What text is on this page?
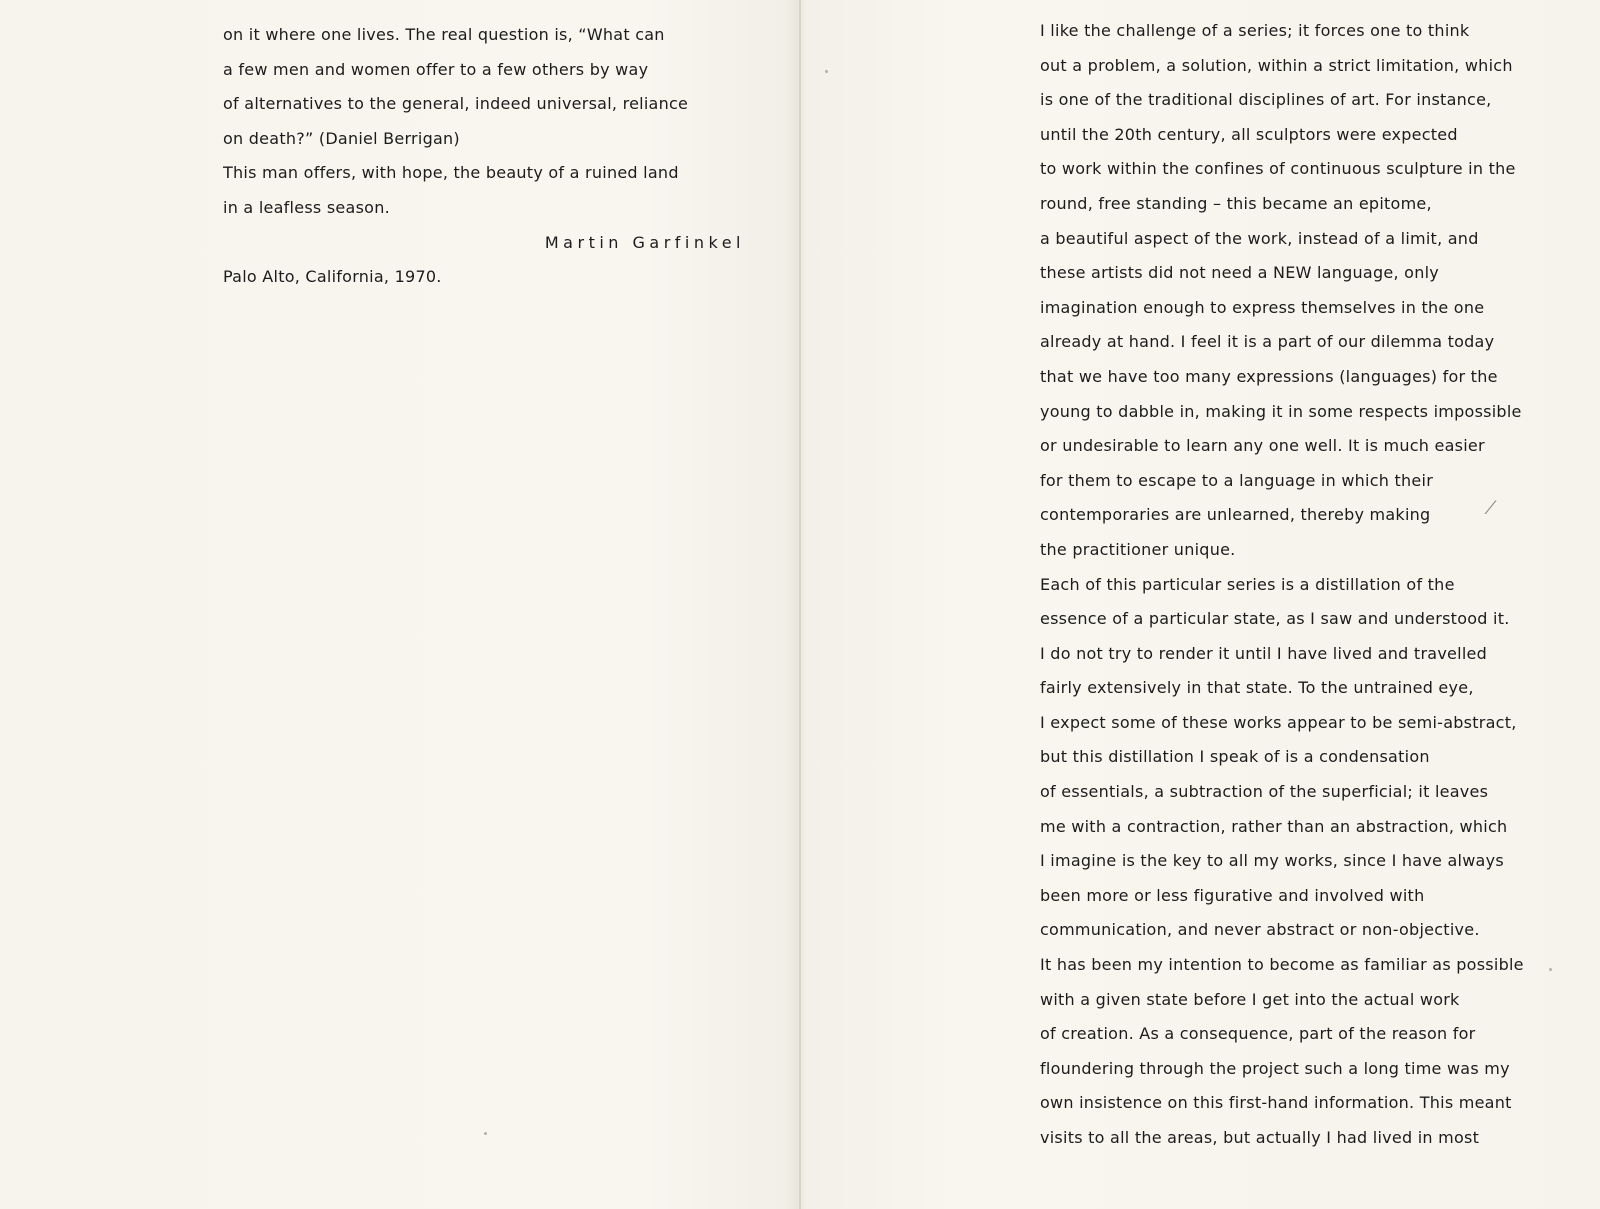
on it where one lives. The real question is, “What can
a few men and women offer to a few others by way
of alternatives to the general, indeed universal, reliance
on death?” (Daniel Berrigan)
This man offers, with hope, the beauty of a ruined land
in a leafless season.
Martin Garfinkel
Palo Alto, California, 1970.
I like the challenge of a series; it forces one to think
out a problem, a solution, within a strict limitation, which
is one of the traditional disciplines of art. For instance,
until the 20th century, all sculptors were expected
to work within the confines of continuous sculpture in the
round, free standing – this became an epitome,
a beautiful aspect of the work, instead of a limit, and
these artists did not need a NEW language, only
imagination enough to express themselves in the one
already at hand. I feel it is a part of our dilemma today
that we have too many expressions (languages) for the
young to dabble in, making it in some respects impossible
or undesirable to learn any one well. It is much easier
for them to escape to a language in which their
contemporaries are unlearned, thereby making
the practitioner unique.
Each of this particular series is a distillation of the
essence of a particular state, as I saw and understood it.
I do not try to render it until I have lived and travelled
fairly extensively in that state. To the untrained eye,
I expect some of these works appear to be semi-abstract,
but this distillation I speak of is a condensation
of essentials, a subtraction of the superficial; it leaves
me with a contraction, rather than an abstraction, which
I imagine is the key to all my works, since I have always
been more or less figurative and involved with
communication, and never abstract or non-objective.
It has been my intention to become as familiar as possible
with a given state before I get into the actual work
of creation. As a consequence, part of the reason for
floundering through the project such a long time was my
own insistence on this first-hand information. This meant
visits to all the areas, but actually I had lived in most
⁄
